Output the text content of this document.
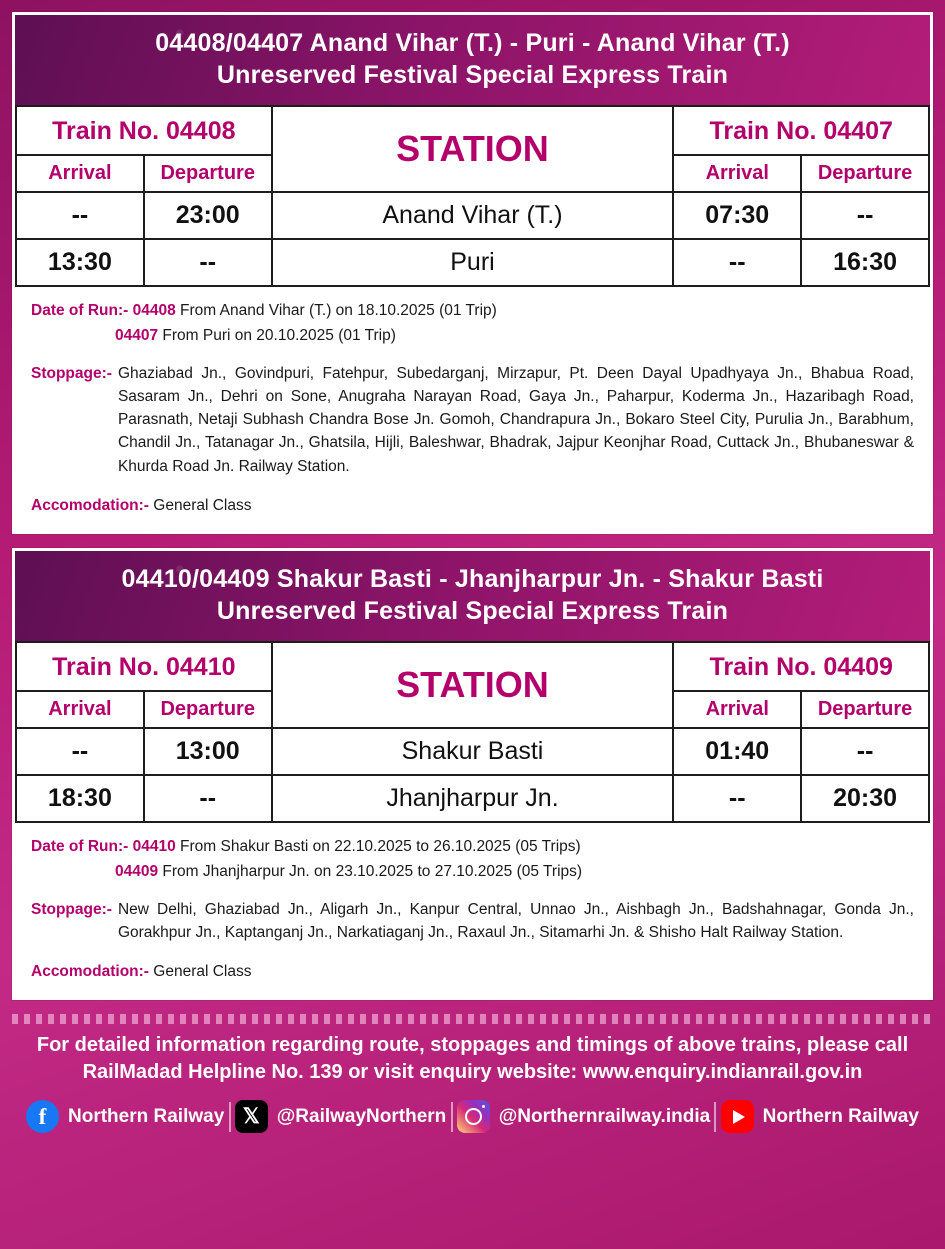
04408/04407 Anand Vihar (T.) - Puri - Anand Vihar (T.)
Unreserved Festival Special Express Train
Train No. 04408		STATION	Train No. 04407	
Arrival	Departure		Arrival	Departure
--	23:00	Anand Vihar (T.)	07:30	--
13:30	--	Puri	--	16:30
Date of Run:- 04408 From Anand Vihar (T.) on 18.10.2025 (01 Trip)
04407 From Puri on 20.10.2025 (01 Trip)
Stoppage:- Ghaziabad Jn., Govindpuri, Fatehpur, Subedarganj, Mirzapur, Pt. Deen Dayal Upadhyaya Jn., Bhabua Road, Sasaram Jn., Dehri on Sone, Anugraha Narayan Road, Gaya Jn., Paharpur, Koderma Jn., Hazaribagh Road, Parasnath, Netaji Subhash Chandra Bose Jn. Gomoh, Chandrapura Jn., Bokaro Steel City, Purulia Jn., Barabhum, Chandil Jn., Tatanagar Jn., Ghatsila, Hijli, Baleshwar, Bhadrak, Jajpur Keonjhar Road, Cuttack Jn., Bhubaneswar & Khurda Road Jn. Railway Station.
Accomodation:- General Class
04410/04409 Shakur Basti - Jhanjharpur Jn. - Shakur Basti
Unreserved Festival Special Express Train
Train No. 04410		STATION	Train No. 04409	
Arrival	Departure		Arrival	Departure
--	13:00	Shakur Basti	01:40	--
18:30	--	Jhanjharpur Jn.	--	20:30
Date of Run:- 04410 From Shakur Basti on 22.10.2025 to 26.10.2025 (05 Trips)
04409 From Jhanjharpur Jn. on 23.10.2025 to 27.10.2025 (05 Trips)
Stoppage:- New Delhi, Ghaziabad Jn., Aligarh Jn., Kanpur Central, Unnao Jn., Aishbagh Jn., Badshahnagar, Gonda Jn., Gorakhpur Jn., Kaptanganj Jn., Narkatiaganj Jn., Raxaul Jn., Sitamarhi Jn. & Shisho Halt Railway Station.
Accomodation:- General Class
For detailed information regarding route, stoppages and timings of above trains, please call
RailMadad Helpline No. 139 or visit enquiry website: www.enquiry.indianrail.gov.in
f	Northern Railway 𝕏 @RailwayNorthern	@Northernrailway.india	Northern Railway
